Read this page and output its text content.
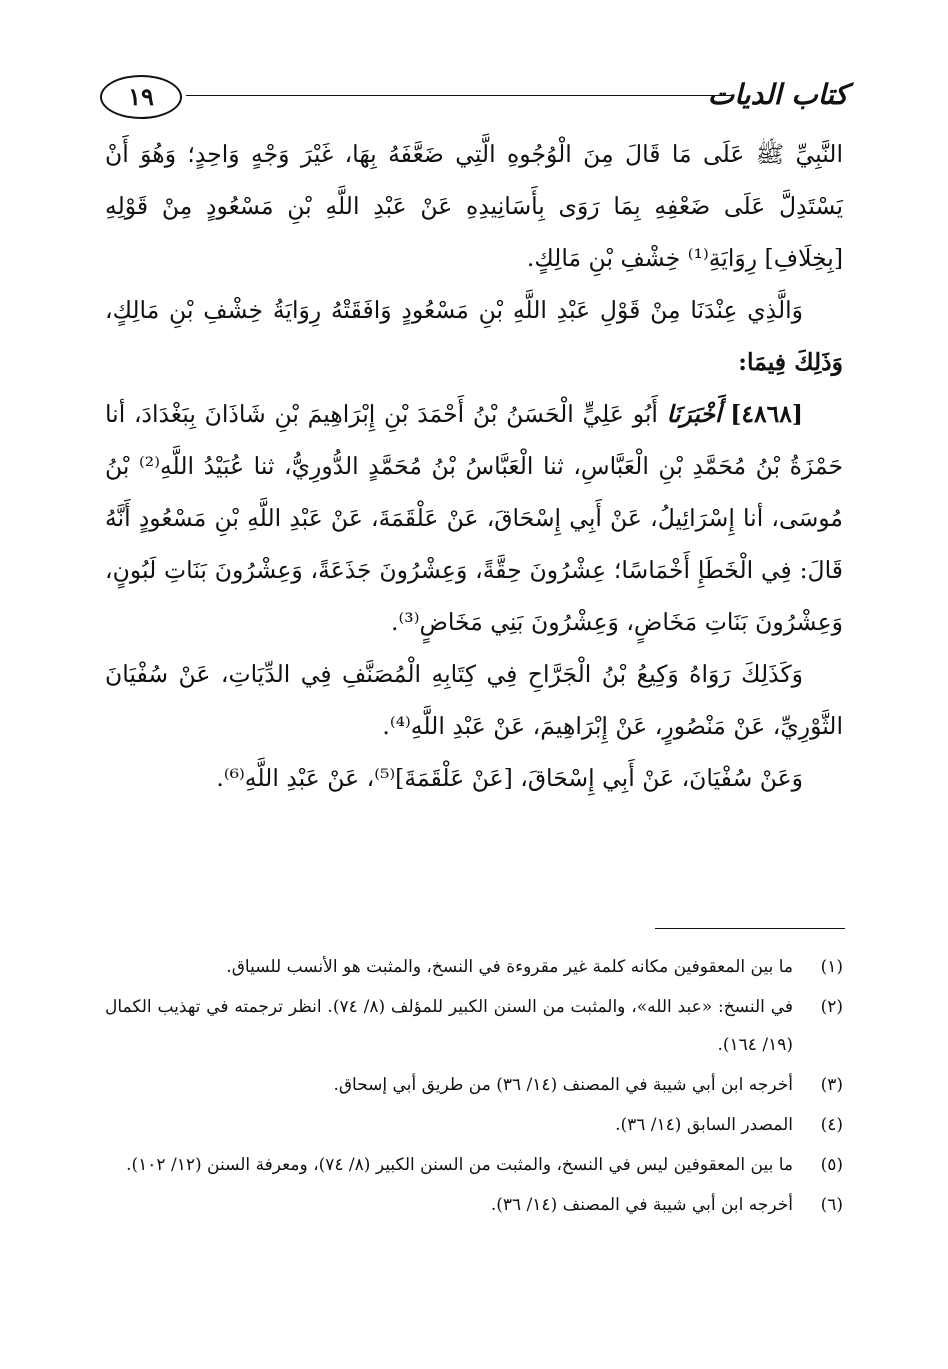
١٩	كتاب الديات

النَّبِيِّ ﷺ عَلَى مَا قَالَ مِنَ الْوُجُوهِ الَّتِي ضَعَّفَهُ بِهَا، غَيْرَ وَجْهٍ وَاحِدٍ؛ وَهُوَ أَنْ يَسْتَدِلَّ عَلَى ضَعْفِهِ بِمَا رَوَى بِأَسَانِيدِهِ عَنْ عَبْدِ اللَّهِ بْنِ مَسْعُودٍ مِنْ قَوْلِهِ [بِخِلَافِ] رِوَايَةِ⁽¹⁾ خِشْفِ بْنِ مَالِكٍ.

وَالَّذِي عِنْدَنَا مِنْ قَوْلِ عَبْدِ اللَّهِ بْنِ مَسْعُودٍ وَافَقَتْهُ رِوَايَةُ خِشْفِ بْنِ مَالِكٍ، وَذَلِكَ فِيمَا:

[٤٨٦٨] أَخْبَرَنَا أَبُو عَلِيٍّ الْحَسَنُ بْنُ أَحْمَدَ بْنِ إِبْرَاهِيمَ بْنِ شَاذَانَ بِبَغْدَادَ، أنا حَمْزَةُ بْنُ مُحَمَّدِ بْنِ الْعَبَّاسِ، ثنا الْعَبَّاسُ بْنُ مُحَمَّدٍ الدُّورِيُّ، ثنا عُبَيْدُ اللَّهِ⁽²⁾ بْنُ مُوسَى، أنا إِسْرَائِيلُ، عَنْ أَبِي إِسْحَاقَ، عَنْ عَلْقَمَةَ، عَنْ عَبْدِ اللَّهِ بْنِ مَسْعُودٍ أَنَّهُ قَالَ: فِي الْخَطَإِ أَخْمَاسًا؛ عِشْرُونَ حِقَّةً، وَعِشْرُونَ جَذَعَةً، وَعِشْرُونَ بَنَاتِ لَبُونٍ، وَعِشْرُونَ بَنَاتِ مَخَاضٍ، وَعِشْرُونَ بَنِي مَخَاضٍ⁽³⁾.

وَكَذَلِكَ رَوَاهُ وَكِيعُ بْنُ الْجَرَّاحِ فِي كِتَابِهِ الْمُصَنَّفِ فِي الدِّيَاتِ، عَنْ سُفْيَانَ الثَّوْرِيِّ، عَنْ مَنْصُورٍ، عَنْ إِبْرَاهِيمَ، عَنْ عَبْدِ اللَّهِ⁽⁴⁾.

وَعَنْ سُفْيَانَ، عَنْ أَبِي إِسْحَاقَ، [عَنْ عَلْقَمَةَ]⁽⁵⁾، عَنْ عَبْدِ اللَّهِ⁽⁶⁾.

(١)
ما بين المعقوفين مكانه كلمة غير مقروءة في النسخ، والمثبت هو الأنسب للسياق.
(٢)
في النسخ: «عبد الله»، والمثبت من السنن الكبير للمؤلف (٨/ ٧٤). انظر ترجمته في تهذيب الكمال (١٩/ ١٦٤).
(٣)
أخرجه ابن أبي شيبة في المصنف (١٤/ ٣٦) من طريق أبي إسحاق.
(٤)
المصدر السابق (١٤/ ٣٦).
(٥)
ما بين المعقوفين ليس في النسخ، والمثبت من السنن الكبير (٨/ ٧٤)، ومعرفة السنن (١٢/ ١٠٢).
(٦)
أخرجه ابن أبي شيبة في المصنف (١٤/ ٣٦).
